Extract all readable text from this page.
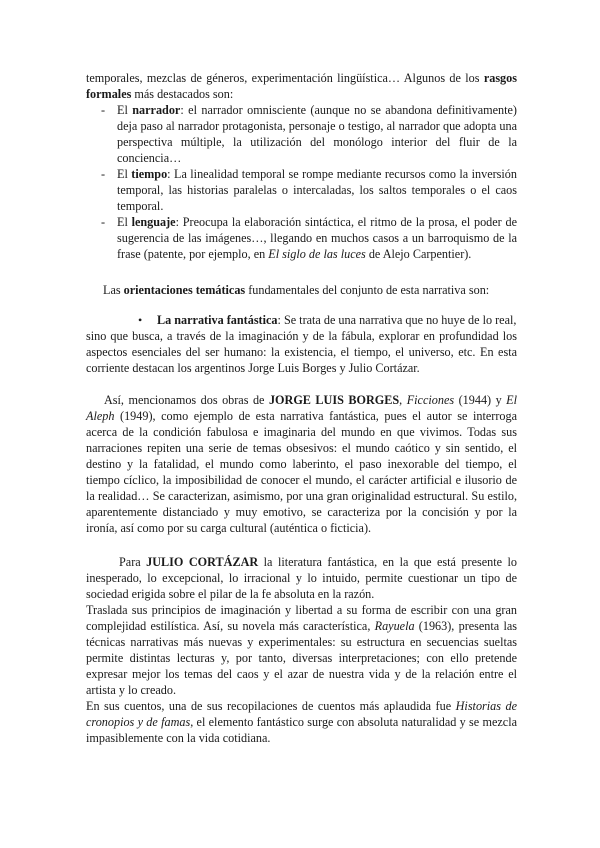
temporales, mezclas de géneros, experimentación lingüística… Algunos de los rasgos formales más destacados son:

- El narrador: el narrador omnisciente (aunque no se abandona definitivamente) deja paso al narrador protagonista, personaje o testigo, al narrador que adopta una perspectiva múltiple, la utilización del monólogo interior del fluir de la conciencia…
- El tiempo: La linealidad temporal se rompe mediante recursos como la inversión temporal, las historias paralelas o intercaladas, los saltos temporales o el caos temporal.
- El lenguaje: Preocupa la elaboración sintáctica, el ritmo de la prosa, el poder de sugerencia de las imágenes…, llegando en muchos casos a un barroquismo de la frase (patente, por ejemplo, en El siglo de las luces de Alejo Carpentier).

Las orientaciones temáticas fundamentales del conjunto de esta narrativa son:

• La narrativa fantástica: Se trata de una narrativa que no huye de lo real,

sino que busca, a través de la imaginación y de la fábula, explorar en profundidad los aspectos esenciales del ser humano: la existencia, el tiempo, el universo, etc. En esta corriente destacan los argentinos Jorge Luis Borges y Julio Cortázar.

Así, mencionamos dos obras de JORGE LUIS BORGES, Ficciones (1944) y El Aleph (1949), como ejemplo de esta narrativa fantástica, pues el autor se interroga acerca de la condición fabulosa e imaginaria del mundo en que vivimos. Todas sus narraciones repiten una serie de temas obsesivos: el mundo caótico y sin sentido, el destino y la fatalidad, el mundo como laberinto, el paso inexorable del tiempo, el tiempo cíclico, la imposibilidad de conocer el mundo, el carácter artificial e ilusorio de la realidad… Se caracterizan, asimismo, por una gran originalidad estructural. Su estilo, aparentemente distanciado y muy emotivo, se caracteriza por la concisión y por la ironía, así como por su carga cultural (auténtica o ficticia).

Para JULIO CORTÁZAR la literatura fantástica, en la que está presente lo inesperado, lo excepcional, lo irracional y lo intuido, permite cuestionar un tipo de sociedad erigida sobre el pilar de la fe absoluta en la razón.

Traslada sus principios de imaginación y libertad a su forma de escribir con una gran complejidad estilística. Así, su novela más característica, Rayuela (1963), presenta las técnicas narrativas más nuevas y experimentales: su estructura en secuencias sueltas permite distintas lecturas y, por tanto, diversas interpretaciones; con ello pretende expresar mejor los temas del caos y el azar de nuestra vida y de la relación entre el artista y lo creado.

En sus cuentos, una de sus recopilaciones de cuentos más aplaudida fue Historias de cronopios y de famas, el elemento fantástico surge con absoluta naturalidad y se mezcla impasiblemente con la vida cotidiana.
